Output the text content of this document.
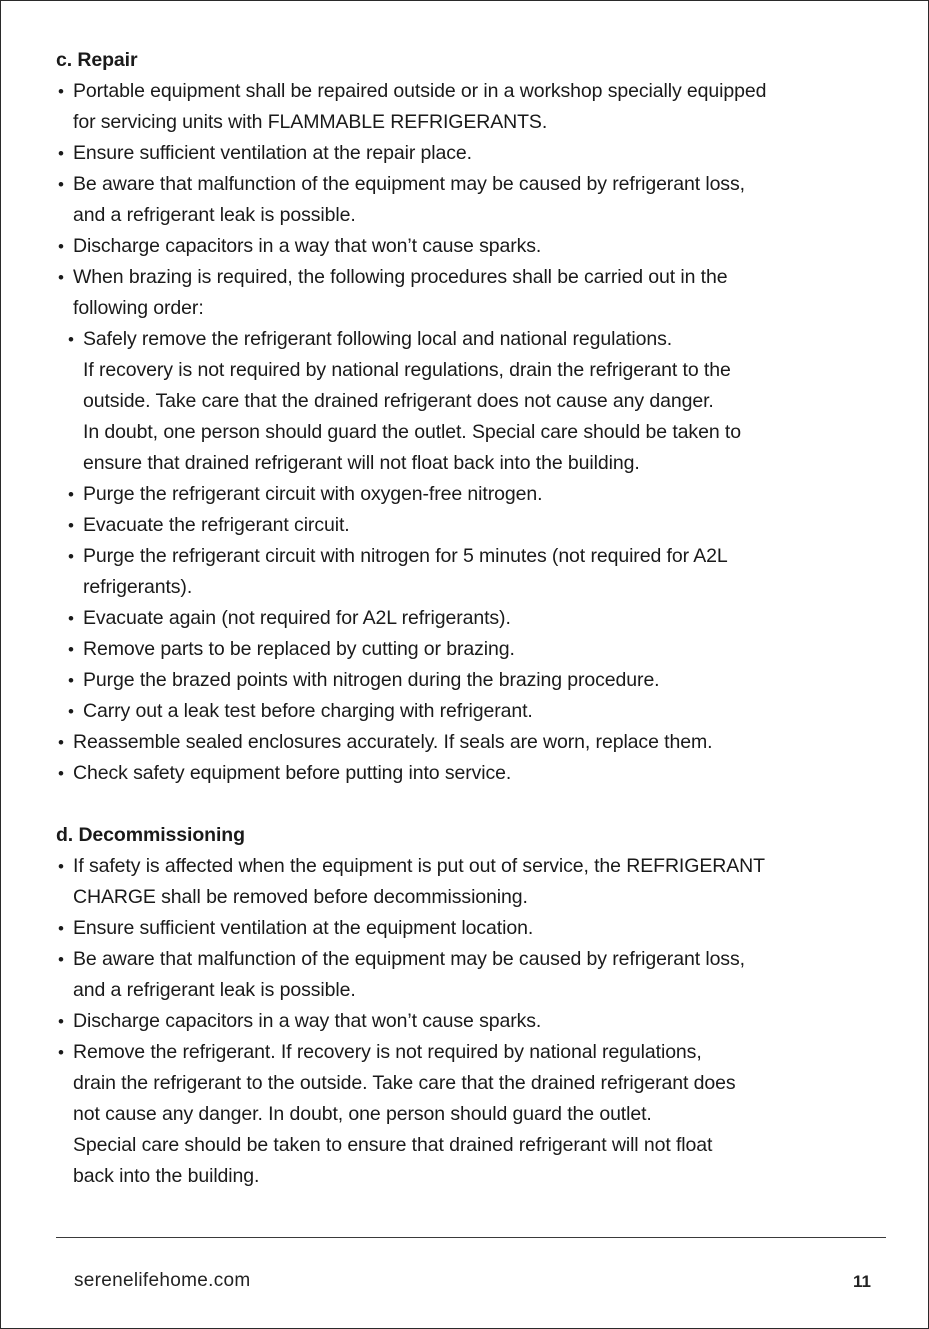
c. Repair
• Portable equipment shall be repaired outside or in a workshop specially equipped
for servicing units with FLAMMABLE REFRIGERANTS.
• Ensure sufficient ventilation at the repair place.
• Be aware that malfunction of the equipment may be caused by refrigerant loss,
and a refrigerant leak is possible.
• Discharge capacitors in a way that won’t cause sparks.
• When brazing is required, the following procedures shall be carried out in the
following order:
• Safely remove the refrigerant following local and national regulations.
If recovery is not required by national regulations, drain the refrigerant to the
outside. Take care that the drained refrigerant does not cause any danger.
In doubt, one person should guard the outlet. Special care should be taken to
ensure that drained refrigerant will not float back into the building.
• Purge the refrigerant circuit with oxygen-free nitrogen.
• Evacuate the refrigerant circuit.
• Purge the refrigerant circuit with nitrogen for 5 minutes (not required for A2L
refrigerants).
• Evacuate again (not required for A2L refrigerants).
• Remove parts to be replaced by cutting or brazing.
• Purge the brazed points with nitrogen during the brazing procedure.
• Carry out a leak test before charging with refrigerant.
• Reassemble sealed enclosures accurately. If seals are worn, replace them.
• Check safety equipment before putting into service.
d. Decommissioning
• If safety is affected when the equipment is put out of service, the REFRIGERANT
CHARGE shall be removed before decommissioning.
• Ensure sufficient ventilation at the equipment location.
• Be aware that malfunction of the equipment may be caused by refrigerant loss,
and a refrigerant leak is possible.
• Discharge capacitors in a way that won’t cause sparks.
• Remove the refrigerant. If recovery is not required by national regulations,
drain the refrigerant to the outside. Take care that the drained refrigerant does
not cause any danger. In doubt, one person should guard the outlet.
Special care should be taken to ensure that drained refrigerant will not float
back into the building.
serenelifehome.com	11
